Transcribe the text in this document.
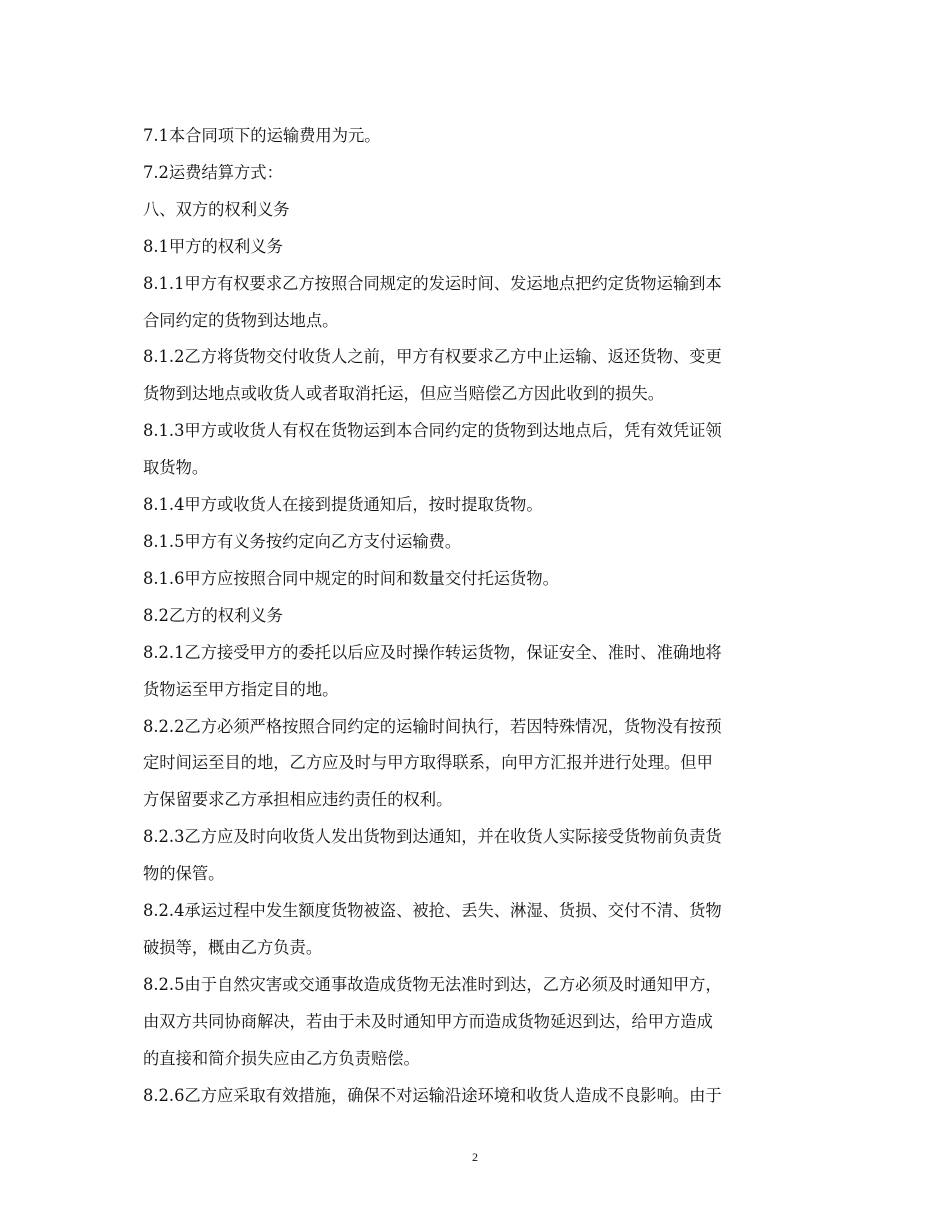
7.1本合同项下的运输费用为元。

7.2运费结算方式：

八、双方的权利义务

8.1甲方的权利义务

8.1.1甲方有权要求乙方按照合同规定的发运时间、发运地点把约定货物运输到本
合同约定的货物到达地点。

8.1.2乙方将货物交付收货人之前，甲方有权要求乙方中止运输、返还货物、变更
货物到达地点或收货人或者取消托运，但应当赔偿乙方因此收到的损失。

8.1.3甲方或收货人有权在货物运到本合同约定的货物到达地点后，凭有效凭证领
取货物。

8.1.4甲方或收货人在接到提货通知后，按时提取货物。

8.1.5甲方有义务按约定向乙方支付运输费。

8.1.6甲方应按照合同中规定的时间和数量交付托运货物。

8.2乙方的权利义务

8.2.1乙方接受甲方的委托以后应及时操作转运货物，保证安全、准时、准确地将
货物运至甲方指定目的地。

8.2.2乙方必须严格按照合同约定的运输时间执行，若因特殊情况，货物没有按预
定时间运至目的地，乙方应及时与甲方取得联系，向甲方汇报并进行处理。但甲
方保留要求乙方承担相应违约责任的权利。

8.2.3乙方应及时向收货人发出货物到达通知，并在收货人实际接受货物前负责货
物的保管。

8.2.4承运过程中发生额度货物被盗、被抢、丢失、淋湿、货损、交付不清、货物
破损等，概由乙方负责。

8.2.5由于自然灾害或交通事故造成货物无法准时到达，乙方必须及时通知甲方，
由双方共同协商解决，若由于未及时通知甲方而造成货物延迟到达，给甲方造成
的直接和简介损失应由乙方负责赔偿。

8.2.6乙方应采取有效措施，确保不对运输沿途环境和收货人造成不良影响。由于

2
